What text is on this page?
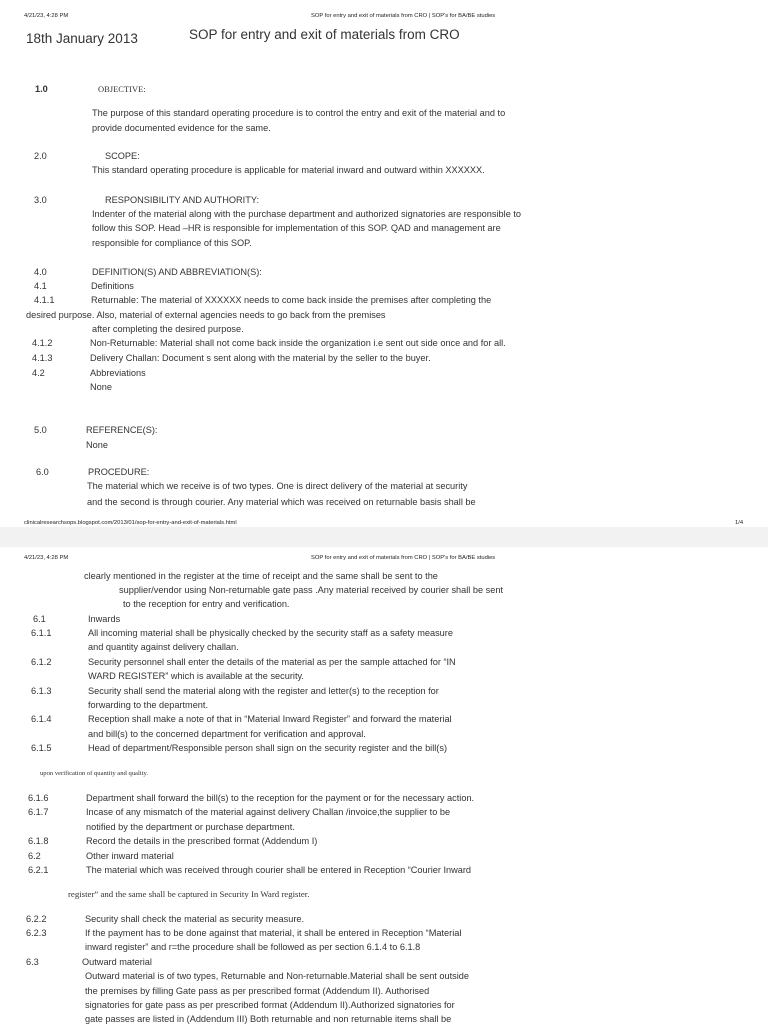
4/21/23, 4:28 PM	SOP for entry and exit of materials from CRO | SOP's for BA/BE studies
18th January 2013	SOP for entry and exit of materials from CRO
1.0	OBJECTIVE:
The purpose of this standard operating procedure is to control the entry and exit of the material and to
provide documented evidence for the same.
2.0	SCOPE:
This standard operating procedure is applicable for material inward and outward within XXXXXX.
3.0	RESPONSIBILITY AND AUTHORITY:
Indenter of the material along with the purchase department and authorized signatories are responsible to
follow this SOP. Head –HR is responsible for implementation of this SOP. QAD and management are
responsible for compliance of this SOP.
4.0	DEFINITION(S) AND ABBREVIATION(S):
4.1	Definitions
4.1.1	Returnable: The material of XXXXXX needs to come back inside the premises after completing the
desired purpose. Also, material of external agencies needs to go back from the premises
after completing the desired purpose.
4.1.2	Non-Returnable: Material shall not come back inside the organization i.e sent out side once and for all.
4.1.3	Delivery Challan: Document s sent along with the material by the seller to the buyer.
4.2	Abbreviations
None
5.0	REFERENCE(S):
None
6.0	PROCEDURE:
The material which we receive is of two types. One is direct delivery of the material at security
and the second is through courier. Any material which was received on returnable basis shall be
clinicalresearchsops.blogspot.com/2013/01/sop-for-entry-and-exit-of-materials.html	1/4
4/21/23, 4:28 PM	SOP for entry and exit of materials from CRO | SOP's for BA/BE studies
clearly mentioned in the register at the time of receipt and the same shall be sent to the
supplier/vendor using Non-returnable gate pass .Any material received by courier shall be sent
to the reception for entry and verification.
6.1	Inwards
6.1.1	All incoming material shall be physically checked by the security staff as a safety measure
and quantity against delivery challan.
6.1.2	Security personnel shall enter the details of the material as per the sample attached for “IN
WARD REGISTER” which is available at the security.
6.1.3	Security shall send the material along with the register and letter(s) to the reception for
forwarding to the department.
6.1.4	Reception shall make a note of that in “Material Inward Register” and forward the material
and bill(s) to the concerned department for verification and approval.
6.1.5	Head of department/Responsible person shall sign on the security register and the bill(s)
upon verification of quantity and quality.
6.1.6	Department shall forward the bill(s) to the reception for the payment or for the necessary action.
6.1.7	Incase of any mismatch of the material against delivery Challan /invoice,the supplier to be
notified by the department or purchase department.
6.1.8	Record the details in the prescribed format (Addendum I)
6.2	Other inward material
6.2.1	The material which was received through courier shall be entered in Reception “Courier Inward
register” and the same shall be captured in Security In Ward register.
6.2.2	Security shall check the material as security measure.
6.2.3	If the payment has to be done against that material, it shall be entered in Reception “Material
inward register” and r=the procedure shall be followed as per section 6.1.4 to 6.1.8
6.3	Outward material
Outward material is of two types, Returnable and Non-returnable.Material shall be sent outside
the premises by filling Gate pass as per prescribed format (Addendum II). Authorised
signatories for gate pass as per prescribed format (Addendum II).Authorized signatories for
gate passes are listed in (Addendum III) Both returnable and non returnable items shall be
